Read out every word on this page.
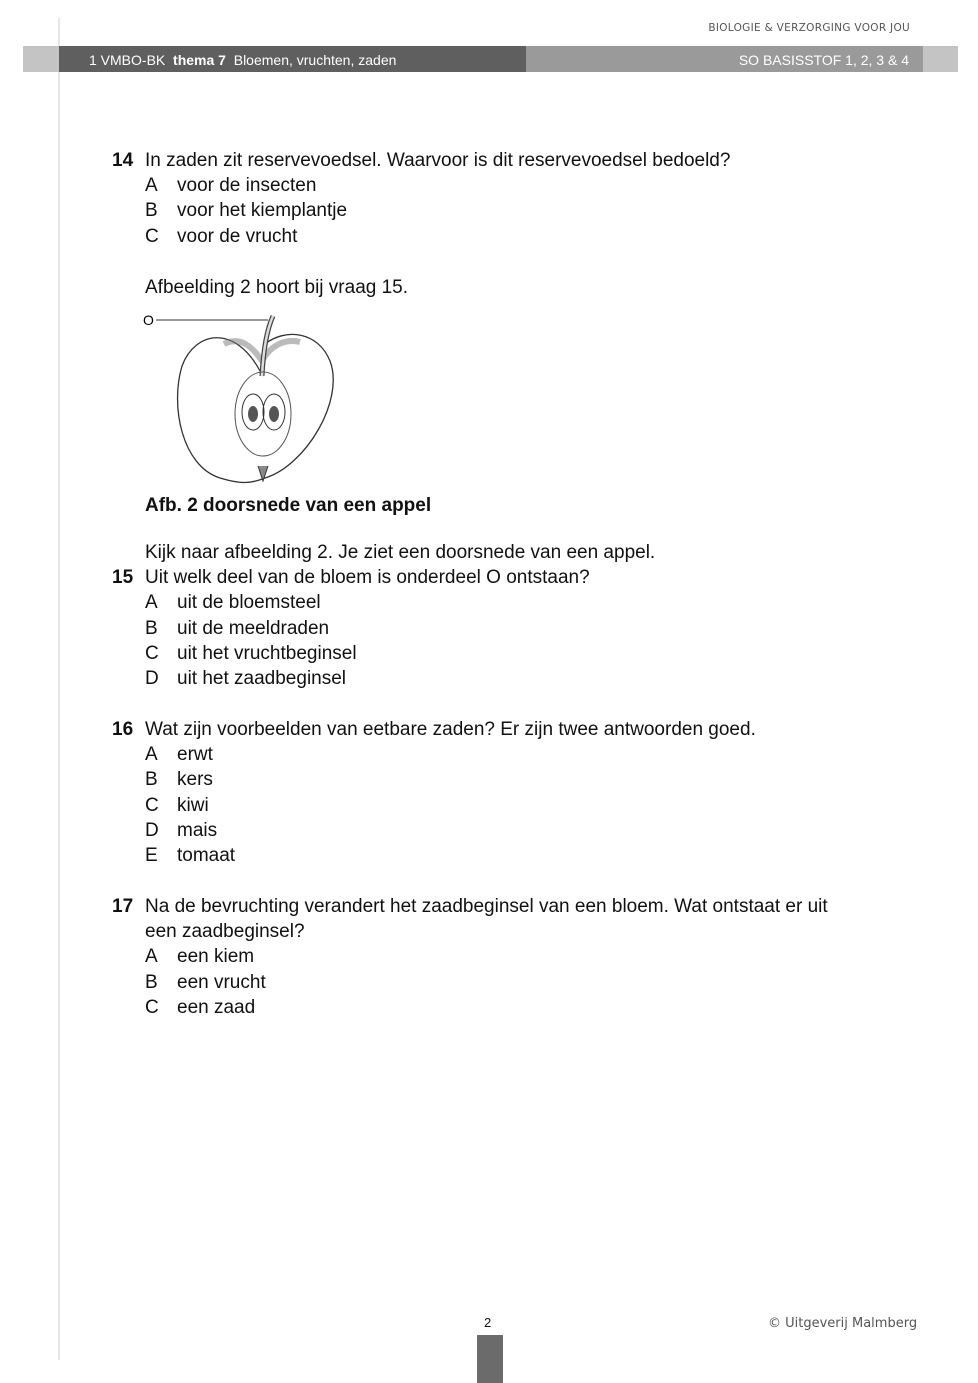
BIOLOGIE & VERZORGING VOOR JOU
1 VMBO-BK thema 7 Bloemen, vruchten, zaden	SO BASISSTOF 1, 2, 3 & 4
14 In zaden zit reservevoedsel. Waarvoor is dit reservevoedsel bedoeld?
A voor de insecten
B voor het kiemplantje
C voor de vrucht
Afbeelding 2 hoort bij vraag 15.
O
Afb. 2 doorsnede van een appel
Kijk naar afbeelding 2. Je ziet een doorsnede van een appel.
15 Uit welk deel van de bloem is onderdeel O ontstaan?
A uit de bloemsteel
B uit de meeldraden
C uit het vruchtbeginsel
D uit het zaadbeginsel
16 Wat zijn voorbeelden van eetbare zaden? Er zijn twee antwoorden goed.
A erwt
B kers
C kiwi
D mais
E tomaat
17 Na de bevruchting verandert het zaadbeginsel van een bloem. Wat ontstaat er uit
een zaadbeginsel?
A een kiem
B een vrucht
C een zaad
2	© Uitgeverij Malmberg
